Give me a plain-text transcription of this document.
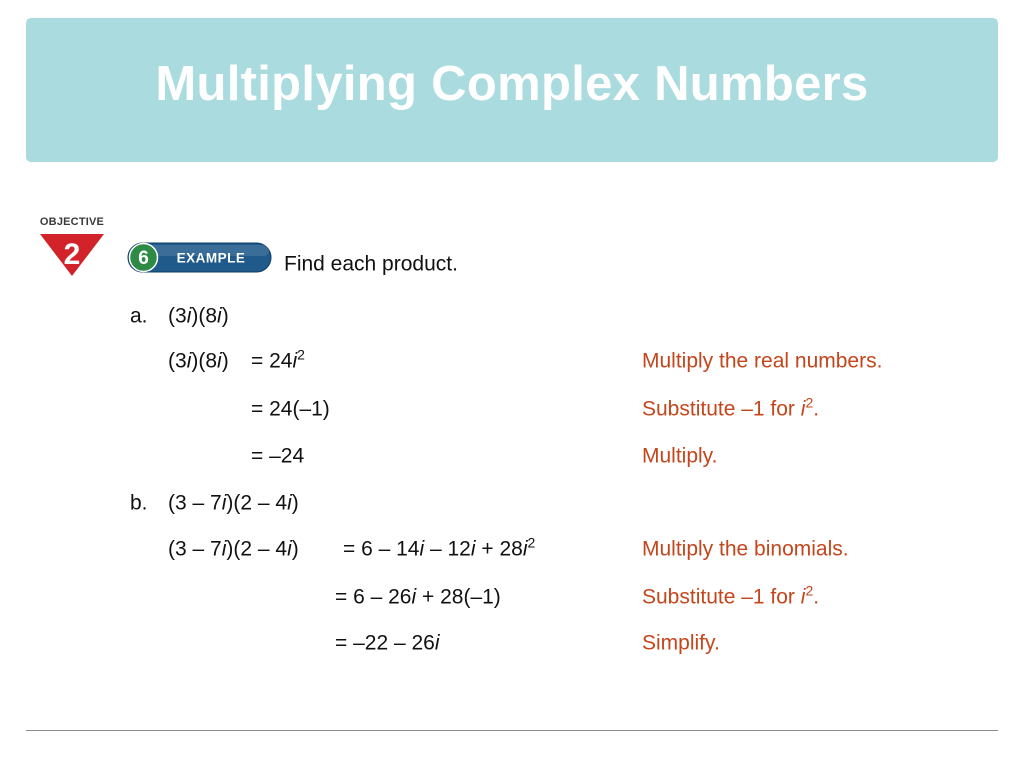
Multiplying Complex Numbers
OBJECTIVE
2	6 EXAMPLE Find each product.
a. (3i)(8i)
$(3i)(8i) = 24i^2$	Multiply the real numbers.
= 24(–1)	Substitute –1 for $i^2$.
= –24	Multiply.
b. (3 – 7i)(2 – 4i)
$(3 - 7i)(2 - 4i) = 6 - 14i - 12i + 28i^2$	Multiply the binomials.
= 6 – 26i + 28(–1)	Substitute –1 for $i^2$.
= –22 – 26i	Simplify.
